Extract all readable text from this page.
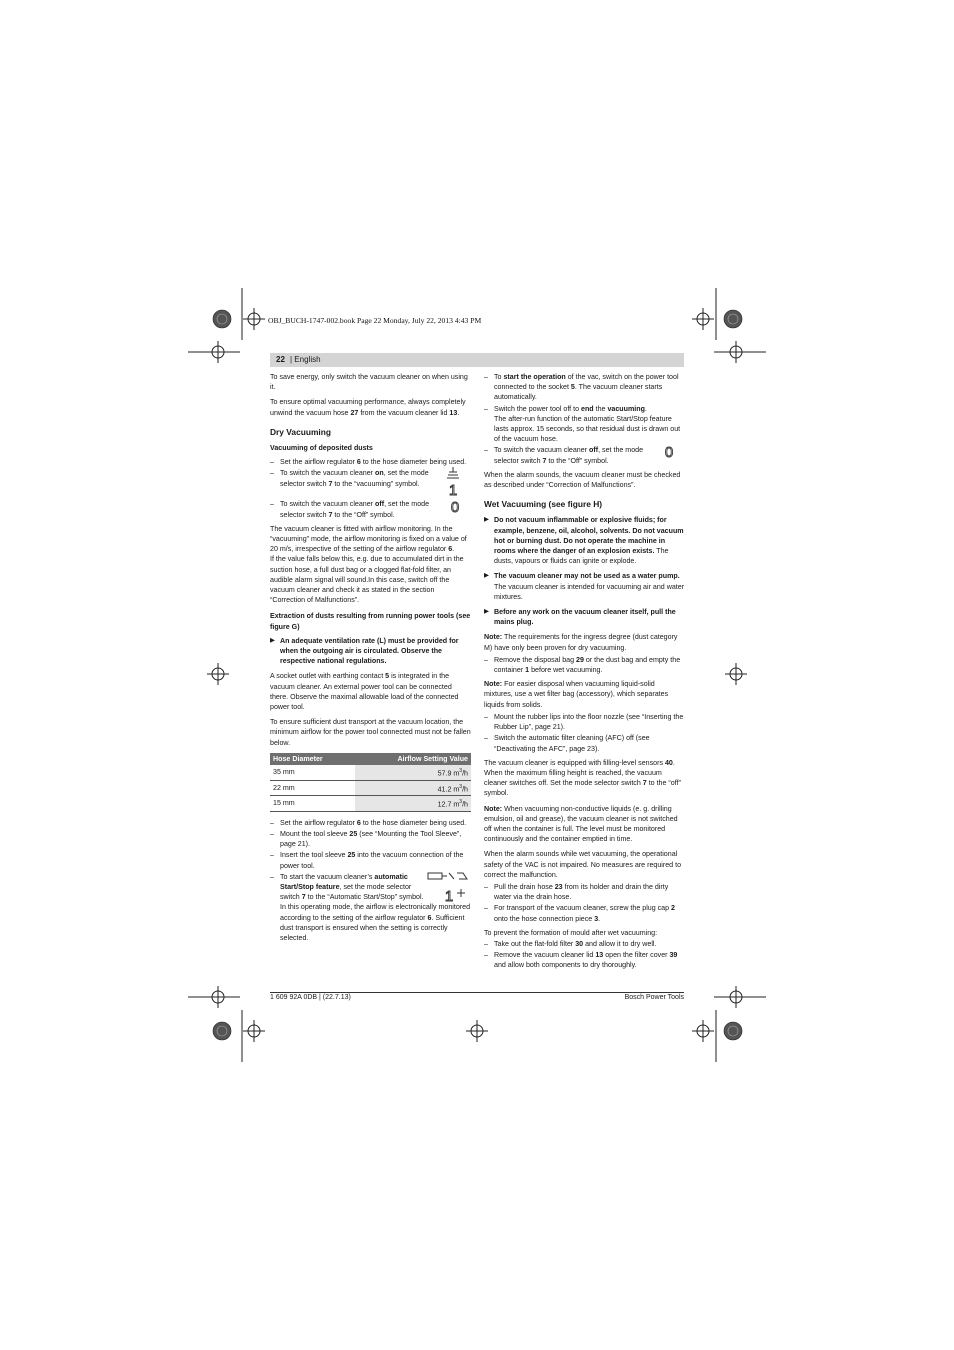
OBJ_BUCH-1747-002.book Page 22 Monday, July 22, 2013 4:43 PM
22 | English

To save energy, only switch the vacuum cleaner on when using it.

To ensure optimal vacuuming performance, always completely unwind the vacuum hose 27 from the vacuum cleaner lid 13.

Dry Vacuuming
Vacuuming of deposited dusts
– Set the airflow regulator 6 to the hose diameter being used.
– To switch the vacuum cleaner on, set the mode selector switch 7 to the “vacuuming” symbol. 1
– To switch the vacuum cleaner off, set the mode selector switch 7 to the “Off” symbol.	0

The vacuum cleaner is fitted with airflow monitoring. In the “vacuuming” mode, the airflow monitoring is fixed on a value of 20 m/s, irrespective of the setting of the airflow regulator 6.

If the value falls below this, e.g. due to accumulated dirt in the suction hose, a full dust bag or a clogged flat-fold filter, an audible alarm signal will sound.In this case, switch off the vacuum cleaner and check it as stated in the section “Correction of Malfunctions”.

Extraction of dusts resulting from running power tools (see figure G)
▶ An adequate ventilation rate (L) must be provided for when the outgoing air is circulated. Observe the respective national regulations.

A socket outlet with earthing contact 5 is integrated in the vacuum cleaner. An external power tool can be connected there. Observe the maximal allowable load of the connected power tool.

To ensure sufficient dust transport at the vacuum location, the minimum airflow for the power tool connected must not be fallen below.

Hose Diameter	Airflow Setting Value
35 mm	57.9 $m^3/h$
22 mm	41.2 $m^3/h$
15 mm	12.7 $m^3/h$
– Set the airflow regulator 6 to the hose diameter being used.
– Mount the tool sleeve 25 (see “Mounting the Tool Sleeve”, page 21).
– Insert the tool sleeve 25 into the vacuum connection of the power tool.
– To start the vacuum cleaner’s automatic Start/Stop feature, set the mode selector switch 7 to the “Automatic Start/Stop” symbol.	1
In this operating mode, the airflow is electronically monitored according to the setting of the airflow regulator 6. Sufficient dust transport is ensured when the setting is correctly selected.
– To start the operation of the vac, switch on the power tool connected to the socket 5. The vacuum cleaner starts automatically.
– Switch the power tool off to end the vacuuming.
The after-run function of the automatic Start/Stop feature lasts approx. 15 seconds, so that residual dust is drawn out of the vacuum hose.
– To switch the vacuum cleaner off, set the mode selector switch 7 to the “Off” symbol.	0

When the alarm sounds, the vacuum cleaner must be checked as described under “Correction of Malfunctions”.

Wet Vacuuming (see figure H)
▶ Do not vacuum inflammable or explosive fluids; for example, benzene, oil, alcohol, solvents. Do not vacuum hot or burning dust. Do not operate the machine in rooms where the danger of an explosion exists. The dusts, vapours or fluids can ignite or explode.
▶ The vacuum cleaner may not be used as a water pump. The vacuum cleaner is intended for vacuuming air and water mixtures.
▶ Before any work on the vacuum cleaner itself, pull the mains plug.

Note: The requirements for the ingress degree (dust category M) have only been proven for dry vacuuming.

– Remove the disposal bag 29 or the dust bag and empty the container 1 before wet vacuuming.

Note: For easier disposal when vacuuming liquid-solid mixtures, use a wet filter bag (accessory), which separates liquids from solids.

– Mount the rubber lips into the floor nozzle (see “Inserting the Rubber Lip”, page 21).
– Switch the automatic filter cleaning (AFC) off (see “Deactivating the AFC”, page 23).

The vacuum cleaner is equipped with filling-level sensors 40. When the maximum filling height is reached, the vacuum cleaner switches off. Set the mode selector switch 7 to the “off” symbol.

Note: When vacuuming non-conductive liquids (e. g. drilling emulsion, oil and grease), the vacuum cleaner is not switched off when the container is full. The level must be monitored continuously and the container emptied in time.

When the alarm sounds while wet vacuuming, the operational safety of the VAC is not impaired. No measures are required to correct the malfunction.

– Pull the drain hose 23 from its holder and drain the dirty water via the drain hose.
– For transport of the vacuum cleaner, screw the plug cap 2 onto the hose connection piece 3.

To prevent the formation of mould after wet vacuuming:

– Take out the flat-fold filter 30 and allow it to dry well.
– Remove the vacuum cleaner lid 13 open the filter cover 39 and allow both components to dry thoroughly.
1 609 92A 0DB | (22.7.13)	Bosch Power Tools
